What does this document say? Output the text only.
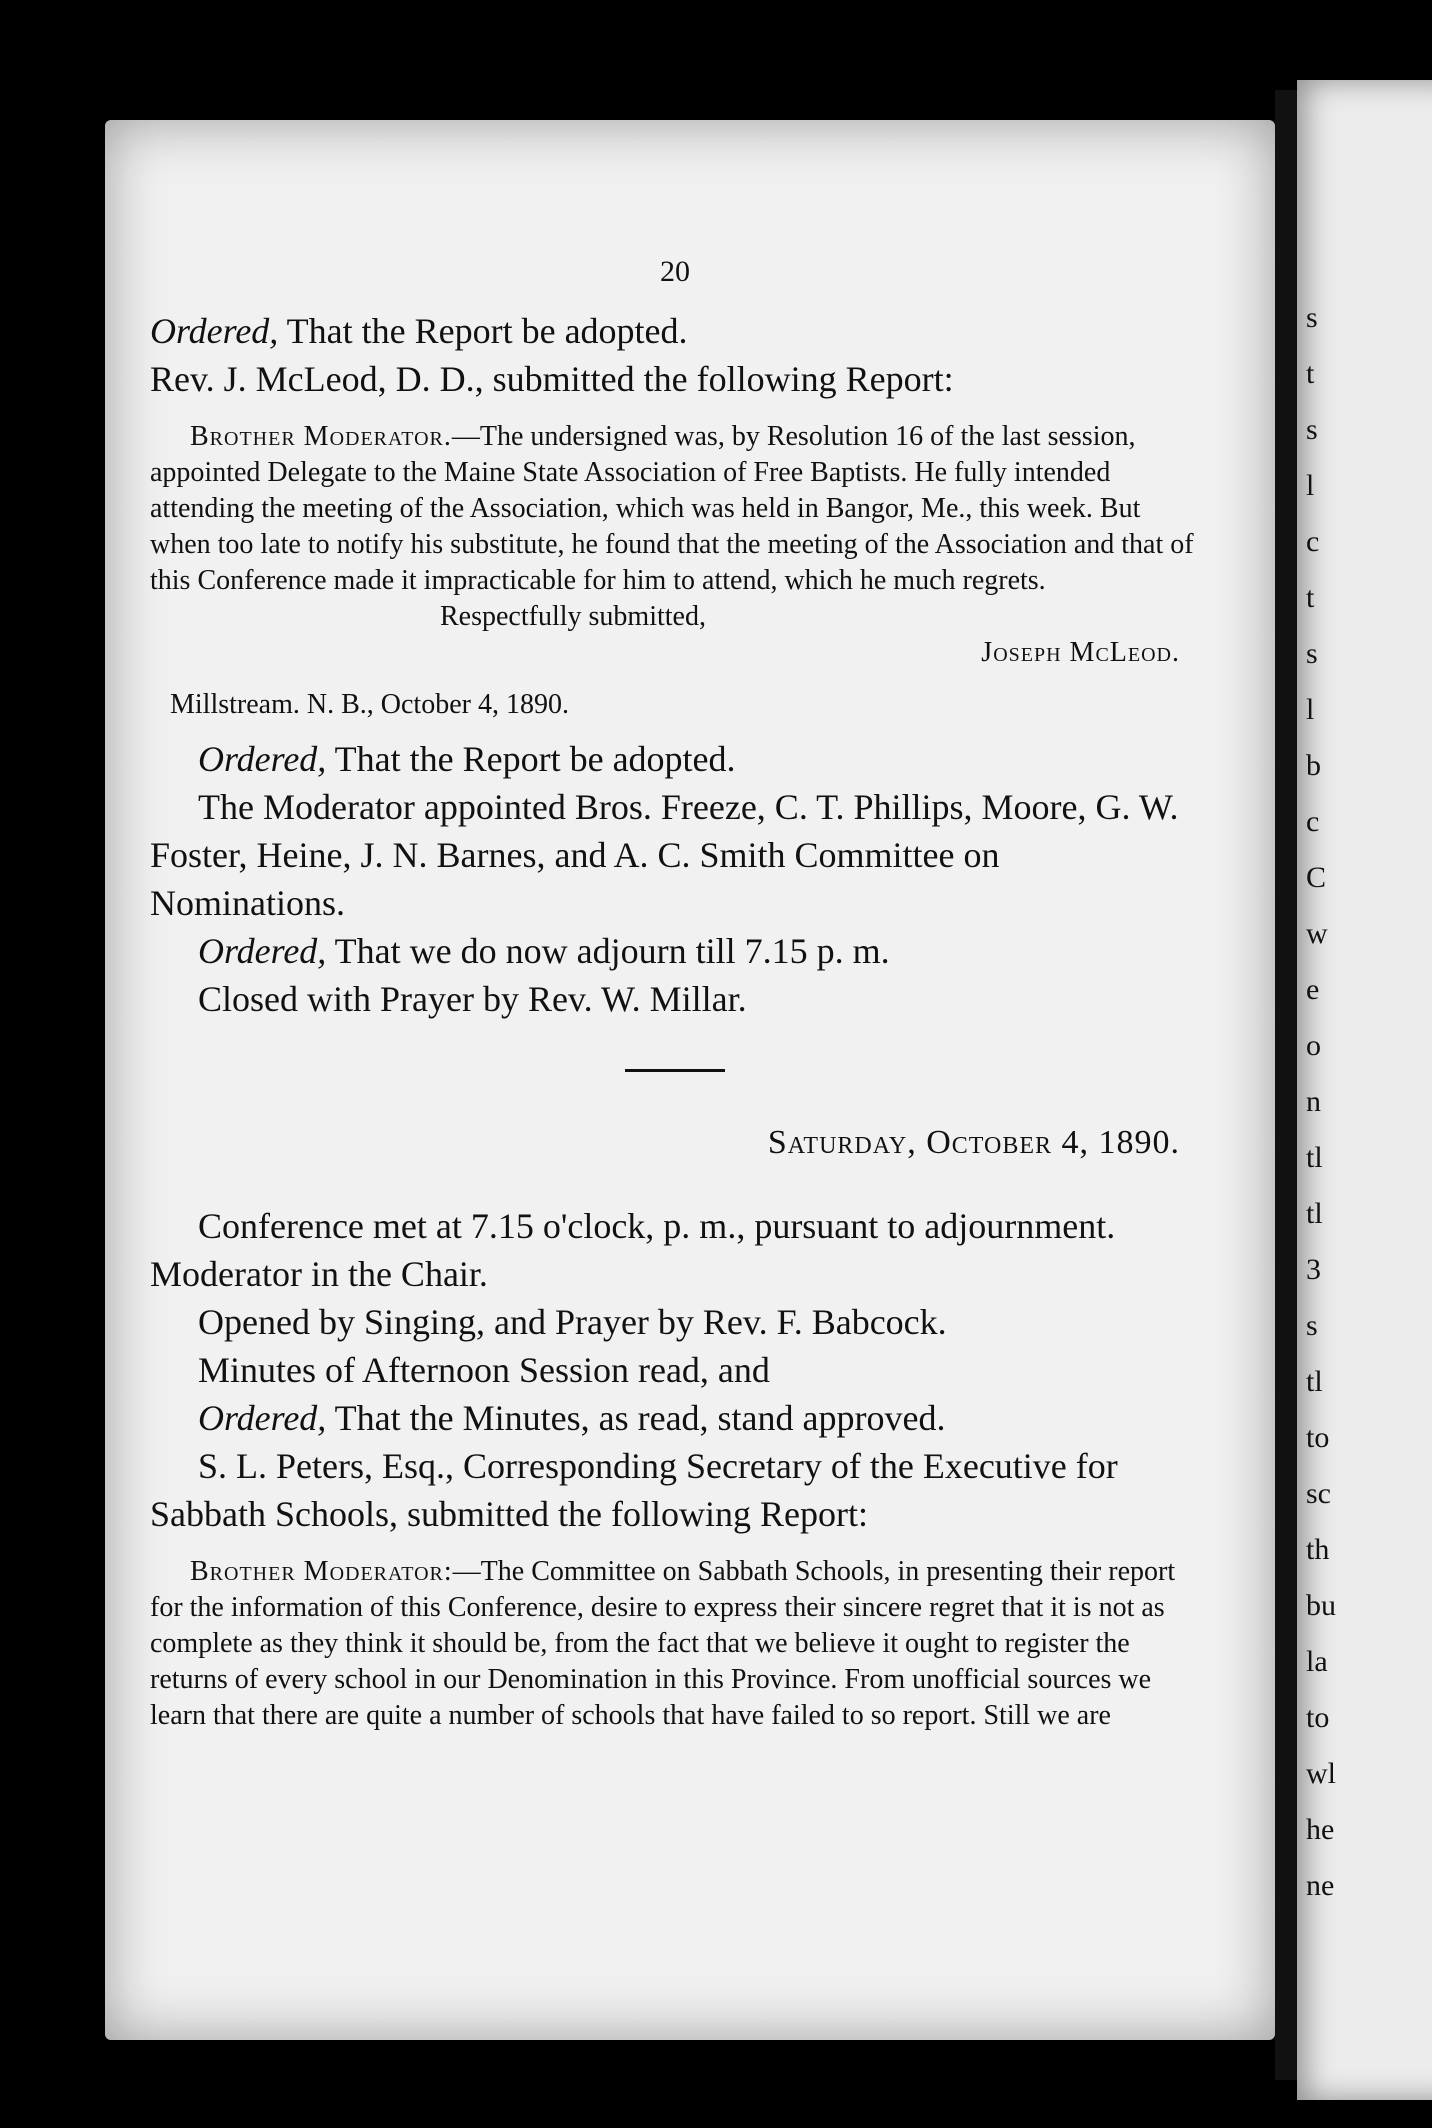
s
t
s
l
c
t
s
l
b
c
C
w
e
o
n
tl
tl
3
s
tl
to
sc
th
bu
la
to
wl
he
ne
20

Ordered, That the Report be adopted.

Rev. J. McLeod, D. D., submitted the following Report:

Brother Moderator.—The undersigned was, by Resolution 16 of the last session, appointed Delegate to the Maine State Association of Free Baptists. He fully intended attending the meeting of the Association, which was held in Bangor, Me., this week. But when too late to notify his substitute, he found that the meeting of the Association and that of this Conference made it impracticable for him to attend, which he much regrets.

Respectfully submitted,

Joseph McLeod.

Millstream. N. B., October 4, 1890.

Ordered, That the Report be adopted.

The Moderator appointed Bros. Freeze, C. T. Phillips, Moore, G. W. Foster, Heine, J. N. Barnes, and A. C. Smith Committee on Nominations.

Ordered, That we do now adjourn till 7.15 p. m.

Closed with Prayer by Rev. W. Millar.

Saturday, October 4, 1890.

Conference met at 7.15 o'clock, p. m., pursuant to adjournment. Moderator in the Chair.

Opened by Singing, and Prayer by Rev. F. Babcock.

Minutes of Afternoon Session read, and

Ordered, That the Minutes, as read, stand approved.

S. L. Peters, Esq., Corresponding Secretary of the Executive for Sabbath Schools, submitted the following Report:

Brother Moderator:—The Committee on Sabbath Schools, in presenting their report for the information of this Conference, desire to express their sincere regret that it is not as complete as they think it should be, from the fact that we believe it ought to register the returns of every school in our Denomination in this Province. From unofficial sources we learn that there are quite a number of schools that have failed to so report. Still we are
